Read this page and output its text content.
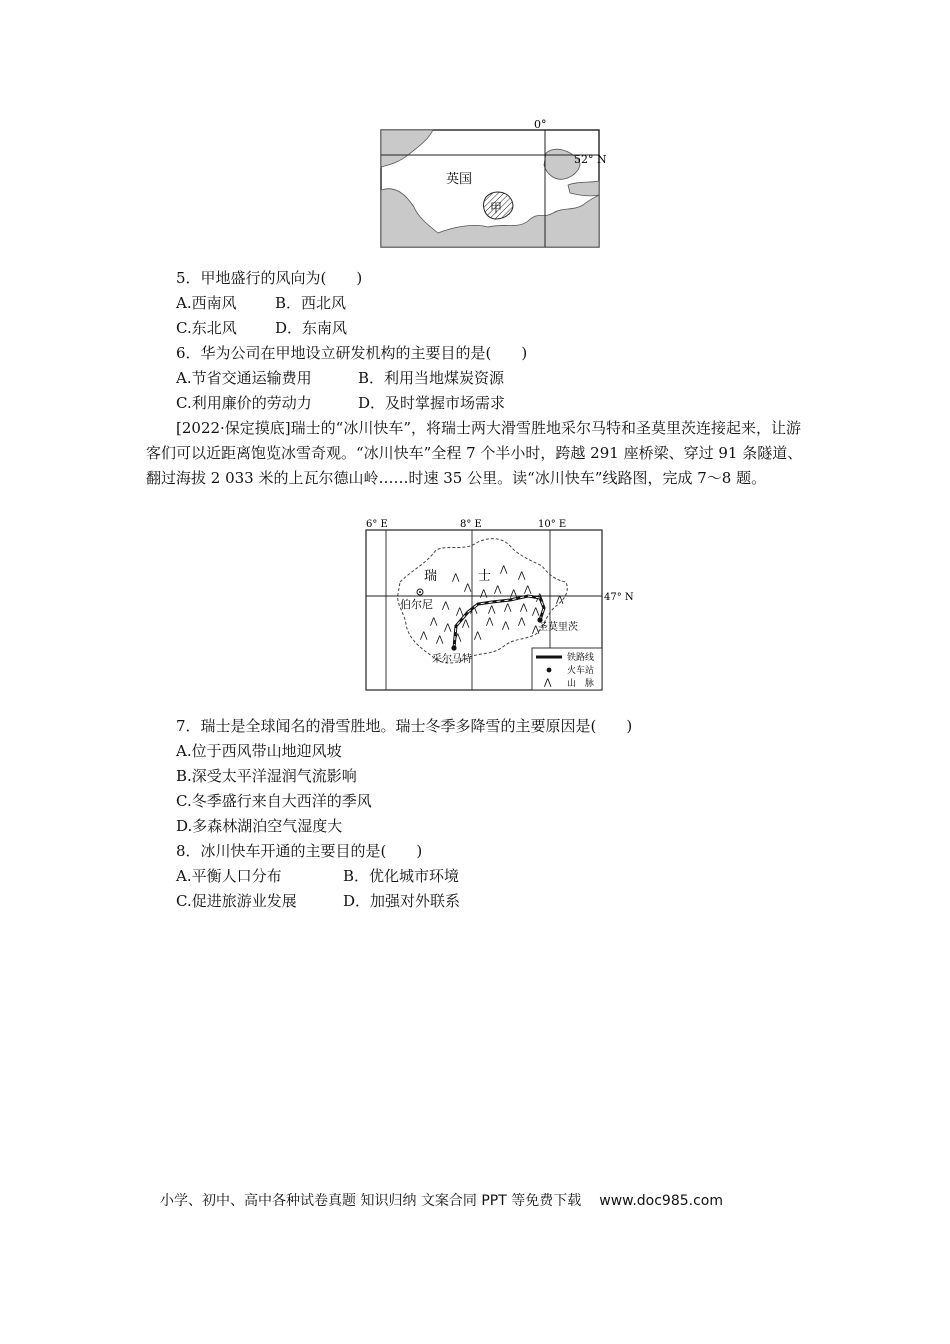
0°
52° N
英国
甲
5．甲地盛行的风向为(　　)
A.西南风	B．西北风
C.东北风	D．东南风
6．华为公司在甲地设立研发机构的主要目的是(　　)
A.节省交通运输费用	B．利用当地煤炭资源
C.利用廉价的劳动力	D．及时掌握市场需求
[2022·保定摸底]瑞士的“冰川快车”，将瑞士两大滑雪胜地采尔马特和圣莫里茨连接起来，让游客们可以近距离饱览冰雪奇观。“冰川快车”全程 7 个半小时，跨越 291 座桥梁、穿过 91 条隧道、翻过海拔 2 033 米的上瓦尔德山岭……时速 35 公里。读“冰川快车”线路图，完成 7～8 题。
⋀
⋀
⋀
⋀
⋀ ⋀ ⋀ ⋀
⋀ ⋀
⋀
⋀ ⋀ ⋀ ⋀ ⋀ ⋀
⋀
⋀ ⋀ ⋀ ⋀ ⋀
⋀ ⋀ ⋀ ⋀
⋀
6° E	8° E	10° E
47° N
瑞	士
伯尔尼
采尔马特
圣莫里茨
⋀
铁路线
火车站
山　脉
7．瑞士是全球闻名的滑雪胜地。瑞士冬季多降雪的主要原因是(　　)
A.位于西风带山地迎风坡
B.深受太平洋湿润气流影响
C.冬季盛行来自大西洋的季风
D.多森林湖泊空气湿度大
8．冰川快车开通的主要目的是(　　)
A.平衡人口分布	B．优化城市环境
C.促进旅游业发展	D．加强对外联系
小学、初中、高中各种试卷真题 知识归纳 文案合同 PPT 等免费下载 www.doc985.com
